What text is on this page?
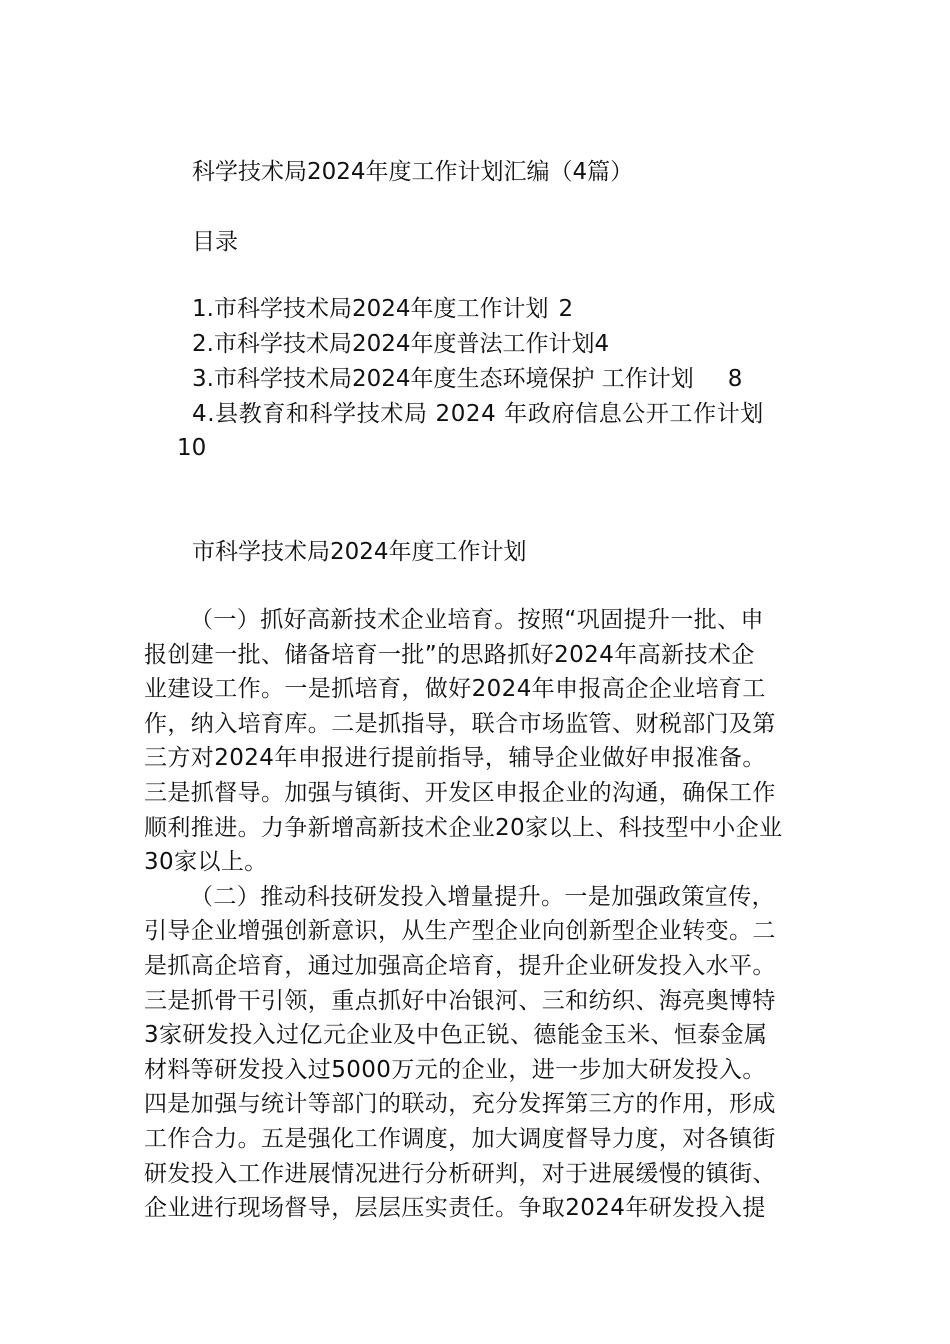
科学技术局2024年度工作计划汇编（4篇）
目录
1.市科学技术局2024年度工作计划 2
2.市科学技术局2024年度普法工作计划4
3.市科学技术局2024年度生态环境保护 工作计划 8
4.县教育和科学技术局 2024 年政府信息公开工作计划
10
市科学技术局2024年度工作计划
（一）抓好高新技术企业培育。按照“巩固提升一批、申
报创建一批、储备培育一批”的思路抓好2024年高新技术企
业建设工作。一是抓培育，做好2024年申报高企企业培育工
作，纳入培育库。二是抓指导，联合市场监管、财税部门及第
三方对2024年申报进行提前指导，辅导企业做好申报准备。
三是抓督导。加强与镇街、开发区申报企业的沟通，确保工作
顺利推进。力争新增高新技术企业20家以上、科技型中小企业
30家以上。
（二）推动科技研发投入增量提升。一是加强政策宣传，
引导企业增强创新意识，从生产型企业向创新型企业转变。二
是抓高企培育，通过加强高企培育，提升企业研发投入水平。
三是抓骨干引领，重点抓好中冶银河、三和纺织、海亮奥博特
3家研发投入过亿元企业及中色正锐、德能金玉米、恒泰金属
材料等研发投入过5000万元的企业，进一步加大研发投入。
四是加强与统计等部门的联动，充分发挥第三方的作用，形成
工作合力。五是强化工作调度，加大调度督导力度，对各镇街
研发投入工作进展情况进行分析研判，对于进展缓慢的镇街、
企业进行现场督导，层层压实责任。争取2024年研发投入提
